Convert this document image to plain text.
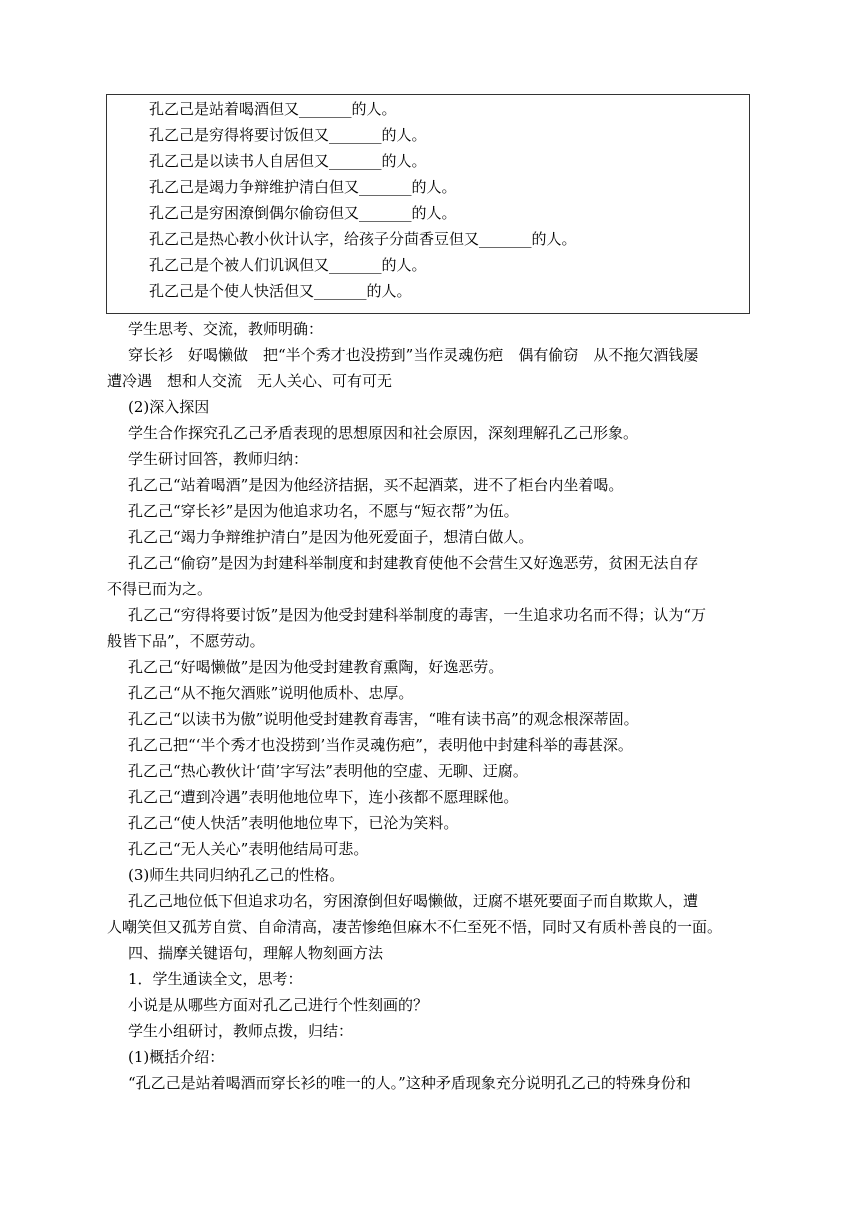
孔乙己是站着喝酒但又_______的人。
孔乙己是穷得将要讨饭但又_______的人。
孔乙己是以读书人自居但又_______的人。
孔乙己是竭力争辩维护清白但又_______的人。
孔乙己是穷困潦倒偶尔偷窃但又_______的人。
孔乙己是热心教小伙计认字，给孩子分茴香豆但又_______的人。
孔乙己是个被人们讥讽但又_______的人。
孔乙己是个使人快活但又_______的人。
学生思考、交流，教师明确：
穿长衫　好喝懒做　把“半个秀才也没捞到”当作灵魂伤疤　偶有偷窃　从不拖欠酒钱屡
遭冷遇　想和人交流　无人关心、可有可无
(2)深入探因
学生合作探究孔乙己矛盾表现的思想原因和社会原因，深刻理解孔乙己形象。
学生研讨回答，教师归纳：
孔乙己“站着喝酒”是因为他经济拮据，买不起酒菜，进不了柜台内坐着喝。
孔乙己“穿长衫”是因为他追求功名，不愿与“短衣帮”为伍。
孔乙己“竭力争辩维护清白”是因为他死爱面子，想清白做人。
孔乙己“偷窃”是因为封建科举制度和封建教育使他不会营生又好逸恶劳，贫困无法自存
不得已而为之。
孔乙己“穷得将要讨饭”是因为他受封建科举制度的毒害，一生追求功名而不得；认为“万
般皆下品”，不愿劳动。
孔乙己“好喝懒做”是因为他受封建教育熏陶，好逸恶劳。
孔乙己“从不拖欠酒账”说明他质朴、忠厚。
孔乙己“以读书为傲”说明他受封建教育毒害，“唯有读书高”的观念根深蒂固。
孔乙己把“‘半个秀才也没捞到’当作灵魂伤疤”，表明他中封建科举的毒甚深。
孔乙己“热心教伙计‘茴’字写法”表明他的空虚、无聊、迂腐。
孔乙己“遭到冷遇”表明他地位卑下，连小孩都不愿理睬他。
孔乙己“使人快活”表明他地位卑下，已沦为笑料。
孔乙己“无人关心”表明他结局可悲。
(3)师生共同归纳孔乙己的性格。
孔乙己地位低下但追求功名，穷困潦倒但好喝懒做，迂腐不堪死要面子而自欺欺人，遭
人嘲笑但又孤芳自赏、自命清高，凄苦惨绝但麻木不仁至死不悟，同时又有质朴善良的一面。
四、揣摩关键语句，理解人物刻画方法
1．学生通读全文，思考：
小说是从哪些方面对孔乙己进行个性刻画的？
学生小组研讨，教师点拨，归结：
(1)概括介绍：
“孔乙己是站着喝酒而穿长衫的唯一的人。”这种矛盾现象充分说明孔乙己的特殊身份和
